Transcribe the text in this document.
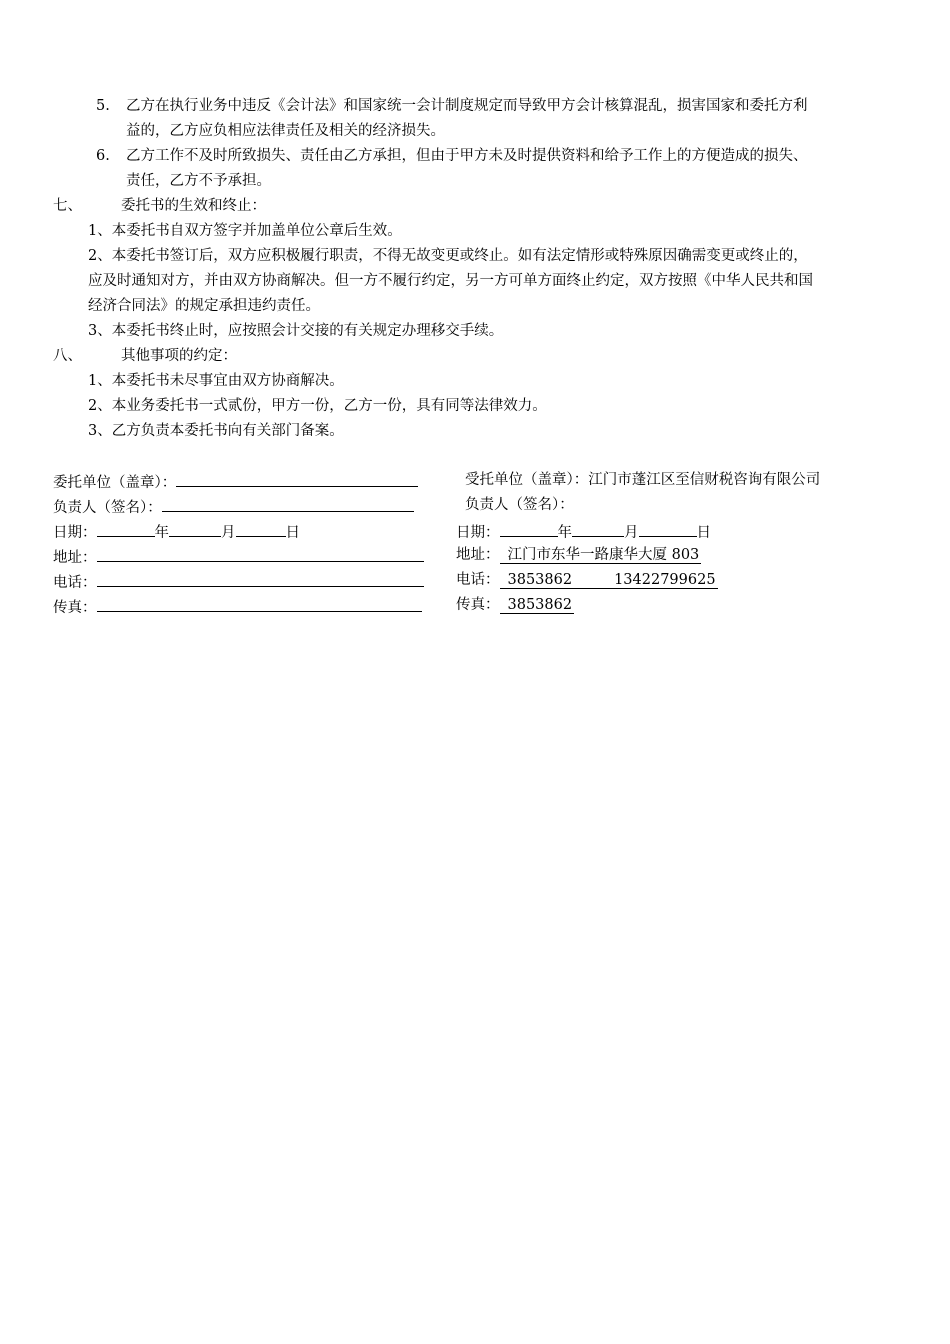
5. 乙方在执行业务中违反《会计法》和国家统一会计制度规定而导致甲方会计核算混乱，损害国家和委托方利
益的，乙方应负相应法律责任及相关的经济损失。
6. 乙方工作不及时所致损失、责任由乙方承担，但由于甲方未及时提供资料和给予工作上的方便造成的损失、
责任，乙方不予承担。
七、	委托书的生效和终止：
1、本委托书自双方签字并加盖单位公章后生效。
2、本委托书签订后，双方应积极履行职责，不得无故变更或终止。如有法定情形或特殊原因确需变更或终止的，
应及时通知对方，并由双方协商解决。但一方不履行约定，另一方可单方面终止约定，双方按照《中华人民共和国
经济合同法》的规定承担违约责任。
3、本委托书终止时，应按照会计交接的有关规定办理移交手续。
八、	其他事项的约定：
1、本委托书未尽事宜由双方协商解决。
2、本业务委托书一式贰份，甲方一份，乙方一份，具有同等法律效力。
3、乙方负责本委托书向有关部门备案。
委托单位（盖章）：
负责人（签名）：
日期：	年	月	日
地址：
电话：
传真：
受托单位（盖章）：江门市蓬江区至信财税咨询有限公司
负责人（签名）：
日期：	年	月	日
地址： 江门市东华一路康华大厦 803
电话： 3853862	13422799625
传真： 3853862
